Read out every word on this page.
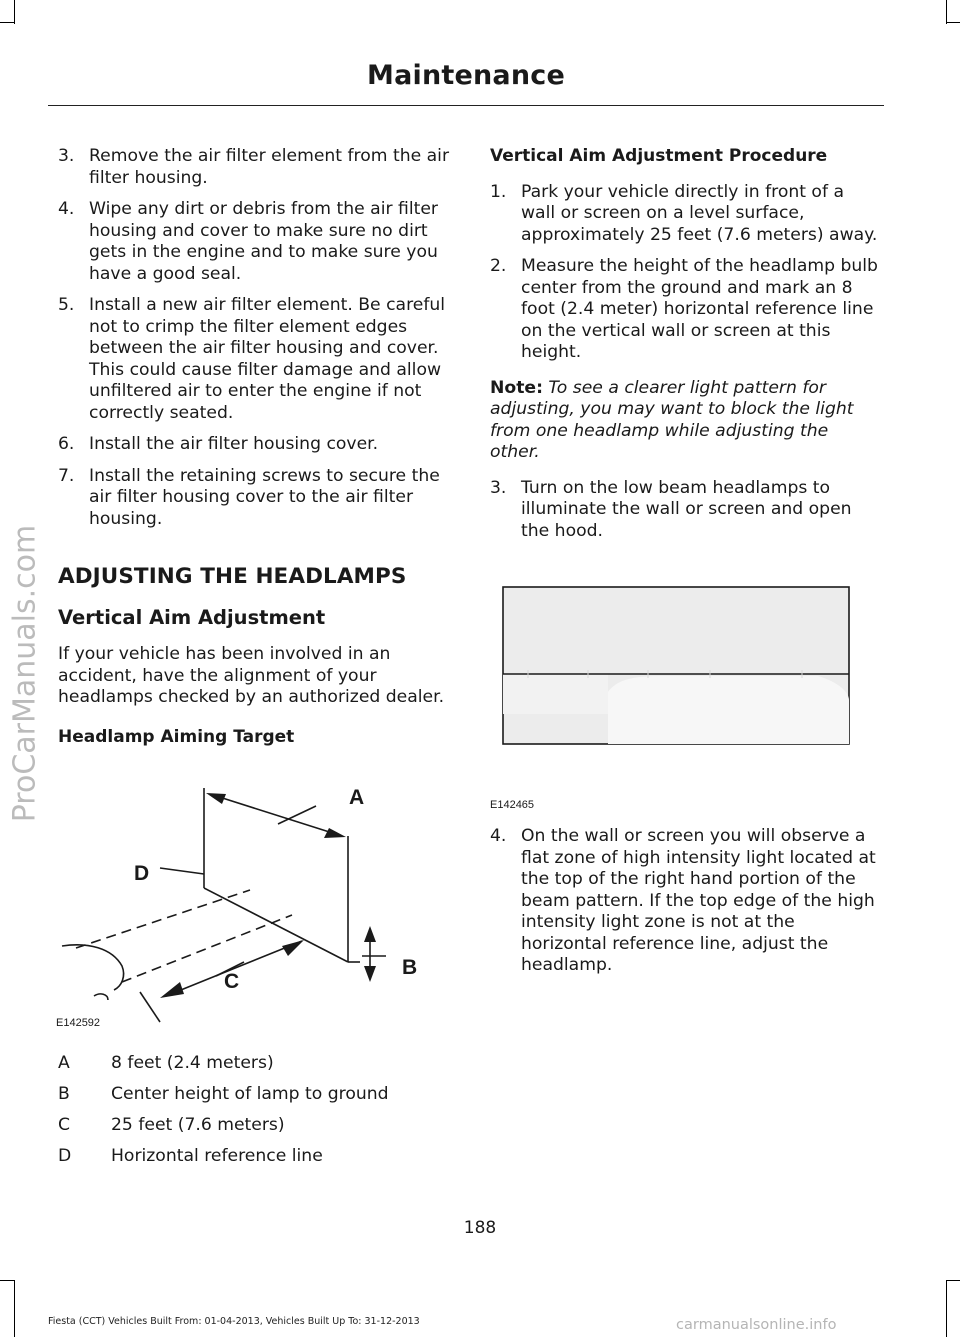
Maintenance
3. Remove the air filter element from the air filter housing.
4. Wipe any dirt or debris from the air filter housing and cover to make sure no dirt gets in the engine and to make sure you have a good seal.
5. Install a new air filter element. Be careful not to crimp the filter element edges between the air filter housing and cover. This could cause filter damage and allow unfiltered air to enter the engine if not correctly seated.
6. Install the air filter housing cover.
7. Install the retaining screws to secure the air filter housing cover to the air filter housing.
ADJUSTING THE HEADLAMPS
Vertical Aim Adjustment
If your vehicle has been involved in an accident, have the alignment of your headlamps checked by an authorized dealer.
Headlamp Aiming Target
A
B
C
D
E142592
A	8 feet (2.4 meters)
B	Center height of lamp to ground
C	25 feet (7.6 meters)
D	Horizontal reference line
Vertical Aim Adjustment Procedure
1. Park your vehicle directly in front of a wall or screen on a level surface, approximately 25 feet (7.6 meters) away.
2. Measure the height of the headlamp bulb center from the ground and mark an 8 foot (2.4 meter) horizontal reference line on the vertical wall or screen at this height.
Note: To see a clearer light pattern for adjusting, you may want to block the light from one headlamp while adjusting the other.
3. Turn on the low beam headlamps to illuminate the wall or screen and open the hood.
E142465
4. On the wall or screen you will observe a flat zone of high intensity light located at the top of the right hand portion of the beam pattern. If the top edge of the high intensity light zone is not at the horizontal reference line, adjust the headlamp.
188
Fiesta (CCT) Vehicles Built From: 01-04-2013, Vehicles Built Up To: 31-12-2013
ProCarManuals.com
carmanualsonline.info
